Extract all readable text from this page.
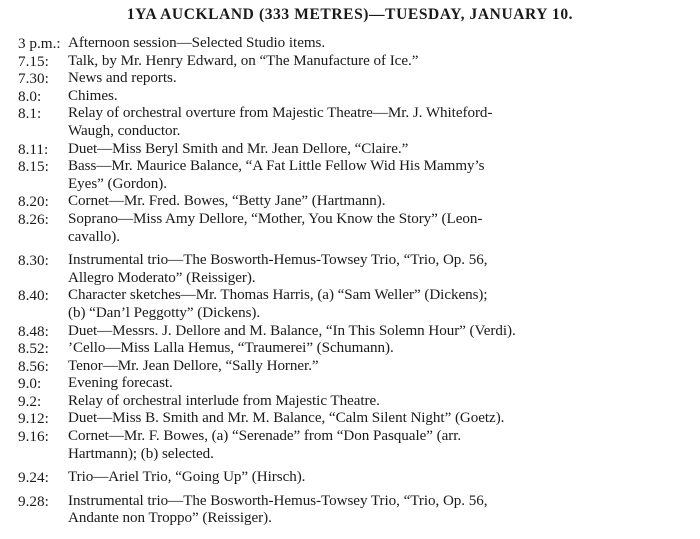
1YA AUCKLAND (333 METRES)—TUESDAY, JANUARY 10.
3 p.m.: Afternoon session—Selected Studio items.
7.15:	Talk, by Mr. Henry Edward, on “The Manufacture of Ice.”
7.30:	News and reports.
8.0:	Chimes.
8.1:	Relay of orchestral overture from Majestic Theatre—Mr. J. Whiteford-
Waugh, conductor.
8.11:	Duet—Miss Beryl Smith and Mr. Jean Dellore, “Claire.”
8.15:	Bass—Mr. Maurice Balance, “A Fat Little Fellow Wid His Mammy’s
Eyes” (Gordon).
8.20:	Cornet—Mr. Fred. Bowes, “Betty Jane” (Hartmann).
8.26:	Soprano—Miss Amy Dellore, “Mother, You Know the Story” (Leon-
cavallo).
8.30:	Instrumental trio—The Bosworth-Hemus-Towsey Trio, “Trio, Op. 56,
Allegro Moderato” (Reissiger).
8.40:	Character sketches—Mr. Thomas Harris, (a) “Sam Weller” (Dickens);
(b) “Dan’l Peggotty” (Dickens).
8.48:	Duet—Messrs. J. Dellore and M. Balance, “In This Solemn Hour” (Verdi).
8.52:	’Cello—Miss Lalla Hemus, “Traumerei” (Schumann).
8.56:	Tenor—Mr. Jean Dellore, “Sally Horner.”
9.0:	Evening forecast.
9.2:	Relay of orchestral interlude from Majestic Theatre.
9.12:	Duet—Miss B. Smith and Mr. M. Balance, “Calm Silent Night” (Goetz).
9.16:	Cornet—Mr. F. Bowes, (a) “Serenade” from “Don Pasquale” (arr.
Hartmann); (b) selected.
9.24:	Trio—Ariel Trio, “Going Up” (Hirsch).
9.28:	Instrumental trio—The Bosworth-Hemus-Towsey Trio, “Trio, Op. 56,
Andante non Troppo” (Reissiger).
